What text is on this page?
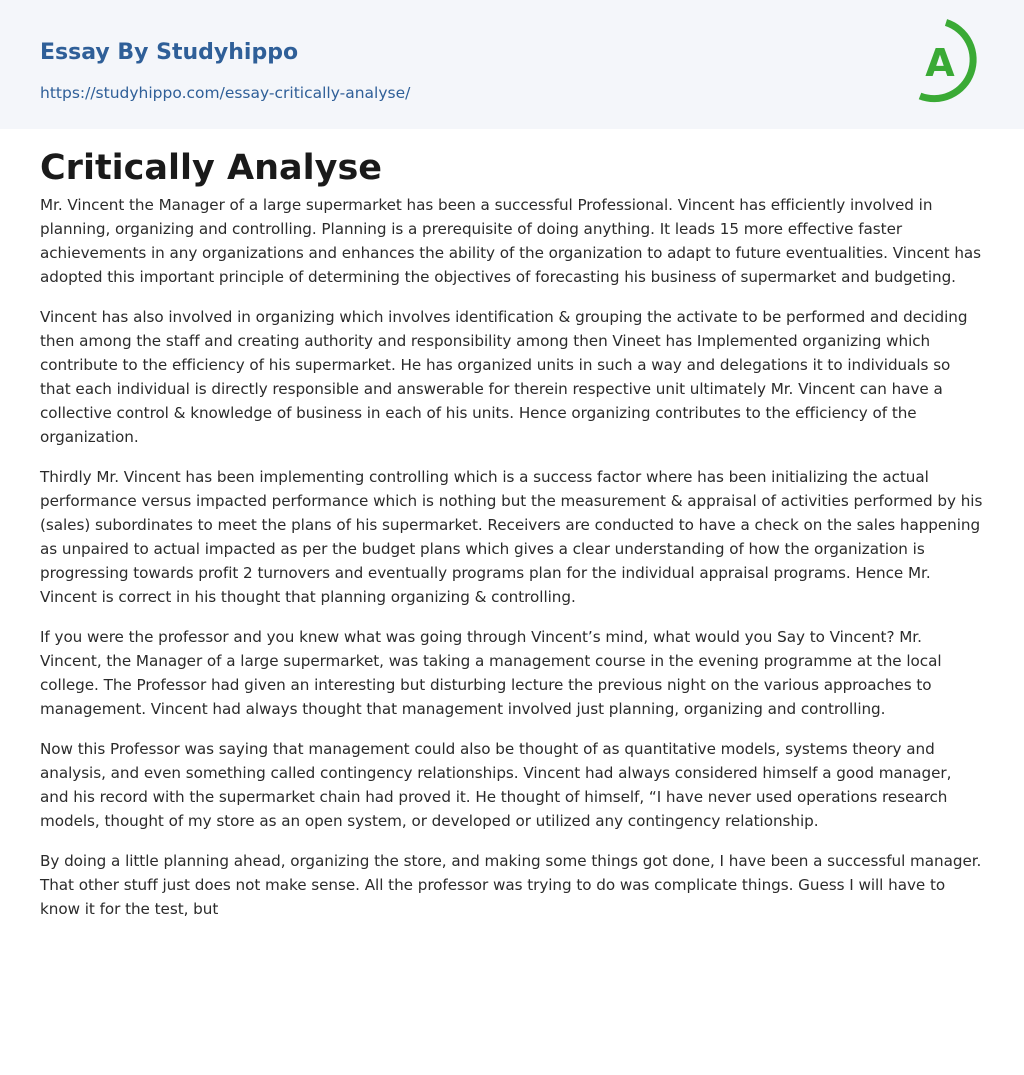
Essay By Studyhippo
https://studyhippo.com/essay-critically-analyse/
A
Critically Analyse

Mr. Vincent the Manager of a large supermarket has been a successful Professional. Vincent has efficiently involved in planning, organizing and controlling. Planning is a prerequisite of doing anything. It leads 15 more effective faster achievements in any organizations and enhances the ability of the organization to adapt to future eventualities. Vincent has adopted this important principle of determining the objectives of forecasting his business of supermarket and budgeting.

Vincent has also involved in organizing which involves identification & grouping the activate to be performed and deciding then among the staff and creating authority and responsibility among then Vineet has Implemented organizing which contribute to the efficiency of his supermarket. He has organized units in such a way and delegations it to individuals so that each individual is directly responsible and answerable for therein respective unit ultimately Mr. Vincent can have a collective control & knowledge of business in each of his units. Hence organizing contributes to the efficiency of the organization.

Thirdly Mr. Vincent has been implementing controlling which is a success factor where has been initializing the actual performance versus impacted performance which is nothing but the measurement & appraisal of activities performed by his (sales) subordinates to meet the plans of his supermarket. Receivers are conducted to have a check on the sales happening as unpaired to actual impacted as per the budget plans which gives a clear understanding of how the organization is progressing towards profit 2 turnovers and eventually programs plan for the individual appraisal programs. Hence Mr. Vincent is correct in his thought that planning organizing & controlling.

If you were the professor and you knew what was going through Vincent’s mind, what would you Say to Vincent? Mr. Vincent, the Manager of a large supermarket, was taking a management course in the evening programme at the local college. The Professor had given an interesting but disturbing lecture the previous night on the various approaches to management. Vincent had always thought that management involved just planning, organizing and controlling.

Now this Professor was saying that management could also be thought of as quantitative models, systems theory and analysis, and even something called contingency relationships. Vincent had always considered himself a good manager, and his record with the supermarket chain had proved it. He thought of himself, “I have never used operations research models, thought of my store as an open system, or developed or utilized any contingency relationship.

By doing a little planning ahead, organizing the store, and making some things got done, I have been a successful manager. That other stuff just does not make sense. All the professor was trying to do was complicate things. Guess I will have to know it for the test, but
